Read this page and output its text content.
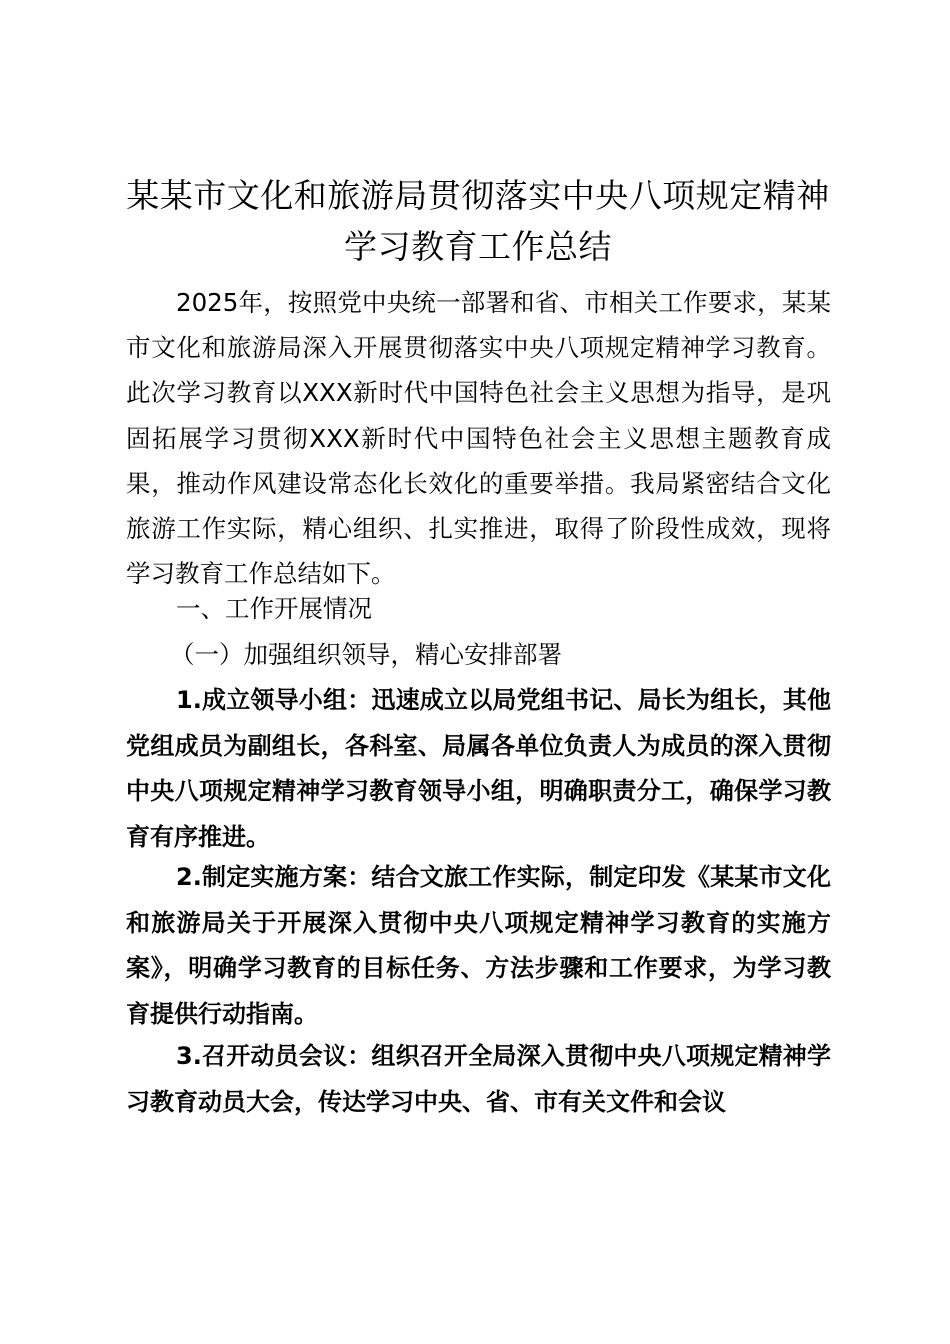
某某市文化和旅游局贯彻落实中央八项规定精神学习教育工作总结

2025年，按照党中央统一部署和省、市相关工作要求，某某市文化和旅游局深入开展贯彻落实中央八项规定精神学习教育。此次学习教育以XXX新时代中国特色社会主义思想为指导，是巩固拓展学习贯彻XXX新时代中国特色社会主义思想主题教育成果，推动作风建设常态化长效化的重要举措。我局紧密结合文化旅游工作实际，精心组织、扎实推进，取得了阶段性成效，现将学习教育工作总结如下。

一、工作开展情况

（一）加强组织领导，精心安排部署

1.成立领导小组：迅速成立以局党组书记、局长为组长，其他党组成员为副组长，各科室、局属各单位负责人为成员的深入贯彻中央八项规定精神学习教育领导小组，明确职责分工，确保学习教育有序推进。

2.制定实施方案：结合文旅工作实际，制定印发《某某市文化和旅游局关于开展深入贯彻中央八项规定精神学习教育的实施方案》，明确学习教育的目标任务、方法步骤和工作要求，为学习教育提供行动指南。

3.召开动员会议：组织召开全局深入贯彻中央八项规定精神学习教育动员大会，传达学习中央、省、市有关文件和会议
